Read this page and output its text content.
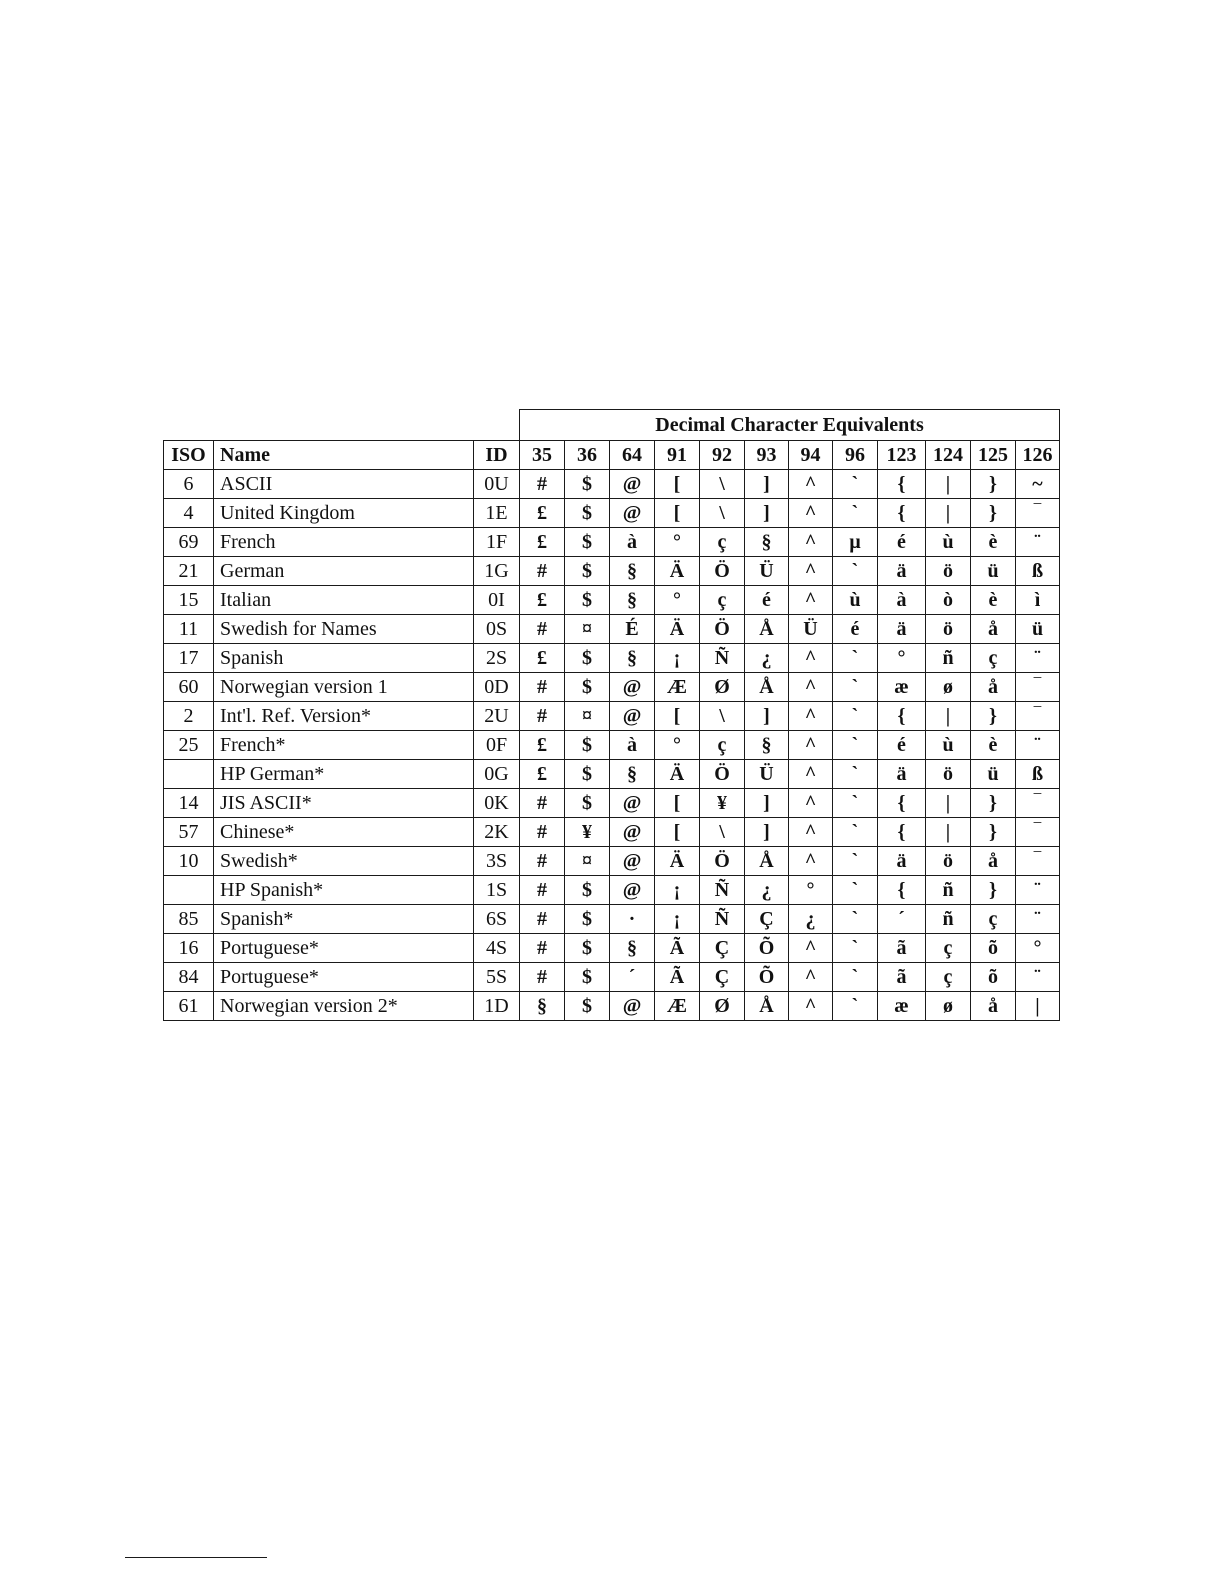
			Decimal Character Equivalents											
ISO	Name	ID	35	36	64	91	92	93	94	96	123	124	125	126
6	ASCII	0U	#	$	@	[	\	]	^	`	{	|	}	~
4	United Kingdom	1E	£	$	@	[	\	]	^	`	{	|	}	‾
69	French	1F	£	$	à	°	ç	§	^	µ	é	ù	è	¨
21	German	1G	#	$	§	Ä	Ö	Ü	^	`	ä	ö	ü	ß
15	Italian	0I	£	$	§	°	ç	é	^	ù	à	ò	è	ì
11	Swedish for Names	0S	#	¤	É	Ä	Ö	Å	Ü	é	ä	ö	å	ü
17	Spanish	2S	£	$	§	¡	Ñ	¿	^	`	°	ñ	ç	¨
60	Norwegian version 1	0D	#	$	@	Æ	Ø	Å	^	`	æ	ø	å	‾
2	Int'l. Ref. Version*	2U	#	¤	@	[	\	]	^	`	{	|	}	‾
25	French*	0F	£	$	à	°	ç	§	^	`	é	ù	è	¨
	HP German*	0G	£	$	§	Ä	Ö	Ü	^	`	ä	ö	ü	ß
14	JIS ASCII*	0K	#	$	@	[	¥	]	^	`	{	|	}	‾
57	Chinese*	2K	#	¥	@	[	\	]	^	`	{	|	}	‾
10	Swedish*	3S	#	¤	@	Ä	Ö	Å	^	`	ä	ö	å	‾
	HP Spanish*	1S	#	$	@	¡	Ñ	¿	°	`	{	ñ	}	¨
85	Spanish*	6S	#	$	·	¡	Ñ	Ç	¿	`	´	ñ	ç	¨
16	Portuguese*	4S	#	$	§	Ã	Ç	Õ	^	`	ã	ç	õ	°
84	Portuguese*	5S	#	$	´	Ã	Ç	Õ	^	`	ã	ç	õ	¨
61	Norwegian version 2*	1D	§	$	@	Æ	Ø	Å	^	`	æ	ø	å	|
